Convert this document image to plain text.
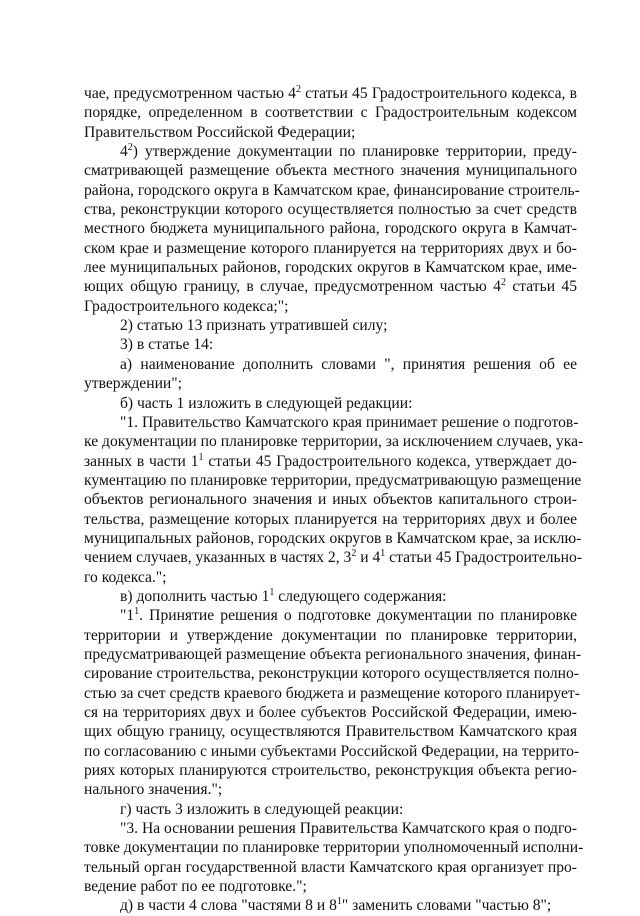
чае, предусмотренном частью $4^2$ статьи 45 Градостроительного кодекса, в
порядке, определенном в соответствии с Градостроительным кодексом
Правительством Российской Федерации;
$4^2$) утверждение документации по планировке территории, преду-
сматривающей размещение объекта местного значения муниципального
района, городского округа в Камчатском крае, финансирование строитель-
ства, реконструкции которого осуществляется полностью за счет средств
местного бюджета муниципального района, городского округа в Камчат-
ском крае и размещение которого планируется на территориях двух и бо-
лее муниципальных районов, городских округов в Камчатском крае, име-
ющих общую границу, в случае, предусмотренном частью $4^2$ статьи 45
Градостроительного кодекса;";
2) статью 13 признать утратившей силу;
3) в статье 14:
а) наименование дополнить словами ", принятия решения об ее
утверждении";
б) часть 1 изложить в следующей редакции:
"1. Правительство Камчатского края принимает решение о подготов-
ке документации по планировке территории, за исключением случаев, ука-
занных в части $1^1$ статьи 45 Градостроительного кодекса, утверждает до-
кументацию по планировке территории, предусматривающую размещение
объектов регионального значения и иных объектов капитального строи-
тельства, размещение которых планируется на территориях двух и более
муниципальных районов, городских округов в Камчатском крае, за исклю-
чением случаев, указанных в частях 2, $3^2$ и $4^1$ статьи 45 Градостроительно-
го кодекса.";
в) дополнить частью $1^1$ следующего содержания:
"$1^1$. Принятие решения о подготовке документации по планировке
территории и утверждение документации по планировке территории,
предусматривающей размещение объекта регионального значения, финан-
сирование строительства, реконструкции которого осуществляется полно-
стью за счет средств краевого бюджета и размещение которого планирует-
ся на территориях двух и более субъектов Российской Федерации, имею-
щих общую границу, осуществляются Правительством Камчатского края
по согласованию с иными субъектами Российской Федерации, на террито-
риях которых планируются строительство, реконструкция объекта регио-
нального значения.";
г) часть 3 изложить в следующей реакции:
"3. На основании решения Правительства Камчатского края о подго-
товке документации по планировке территории уполномоченный исполни-
тельный орган государственной власти Камчатского края организует про-
ведение работ по ее подготовке.";
д) в части 4 слова "частями 8 и $8^1$" заменить словами "частью 8";
